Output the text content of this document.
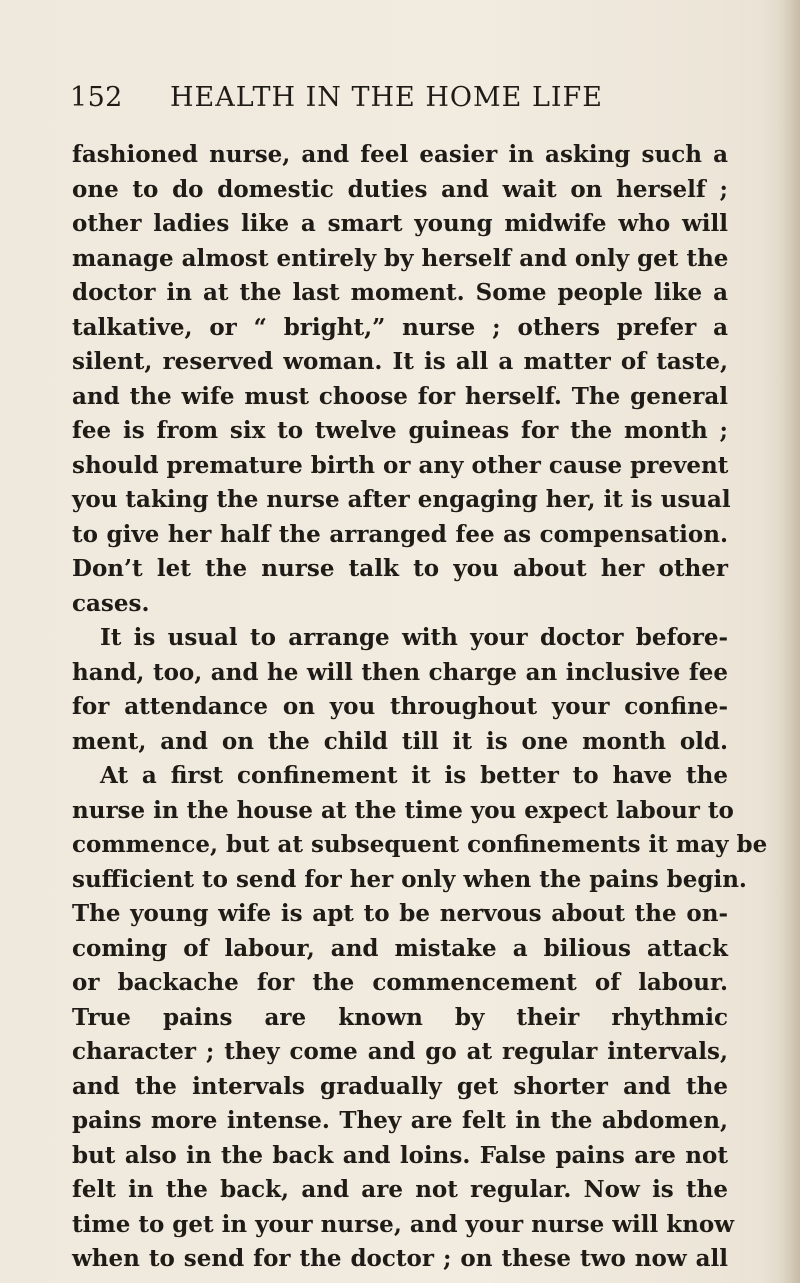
152 HEALTH IN THE HOME LIFE
fashioned nurse, and feel easier in asking such a
one to do domestic duties and wait on herself ;
other ladies like a smart young midwife who will
manage almost entirely by herself and only get the
doctor in at the last moment. Some people like a
talkative, or “ bright,” nurse ; others prefer a
silent, reserved woman. It is all a matter of taste,
and the wife must choose for herself. The general
fee is from six to twelve guineas for the month ;
should premature birth or any other cause prevent
you taking the nurse after engaging her, it is usual
to give her half the arranged fee as compensation.
Don’t let the nurse talk to you about her other
cases.
It is usual to arrange with your doctor before-
hand, too, and he will then charge an inclusive fee
for attendance on you throughout your confine-
ment, and on the child till it is one month old.
At a first confinement it is better to have the
nurse in the house at the time you expect labour to
commence, but at subsequent confinements it may be
sufficient to send for her only when the pains begin.
The young wife is apt to be nervous about the on-
coming of labour, and mistake a bilious attack
or backache for the commencement of labour.
True pains are known by their rhythmic
character ; they come and go at regular intervals,
and the intervals gradually get shorter and the
pains more intense. They are felt in the abdomen,
but also in the back and loins. False pains are not
felt in the back, and are not regular. Now is the
time to get in your nurse, and your nurse will know
when to send for the doctor ; on these two now all
